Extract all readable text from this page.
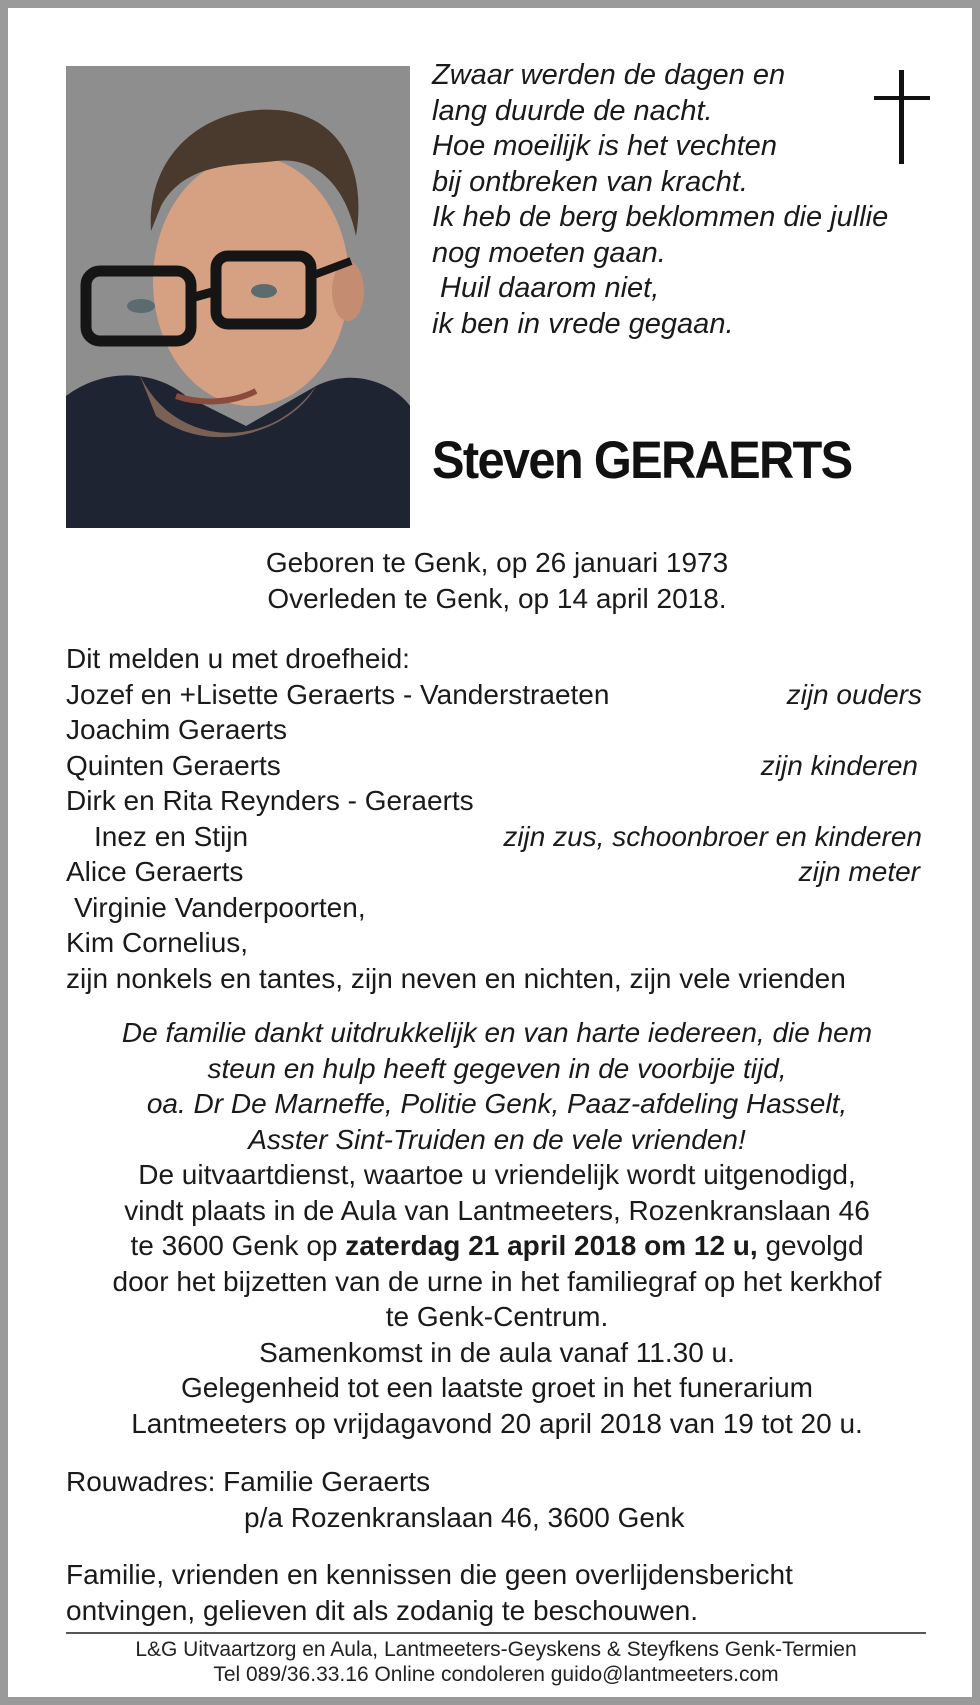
Zwaar werden de dagen en
lang duurde de nacht.
Hoe moeilijk is het vechten
bij ontbreken van kracht.
Ik heb de berg beklommen die jullie
nog moeten gaan.
Huil daarom niet,
ik ben in vrede gegaan.
Steven GERAERTS
Geboren te Genk, op 26 januari 1973
Overleden te Genk, op 14 april 2018.
Dit melden u met droefheid:
Jozef en +Lisette Geraerts - Vanderstraeten	zijn ouders
Joachim Geraerts
Quinten Geraerts	zijn kinderen
Dirk en Rita Reynders - Geraerts
Inez en Stijn	zijn zus, schoonbroer en kinderen
Alice Geraerts	zijn meter
Virginie Vanderpoorten,
Kim Cornelius,
zijn nonkels en tantes, zijn neven en nichten, zijn vele vrienden
De familie dankt uitdrukkelijk en van harte iedereen, die hem
steun en hulp heeft gegeven in de voorbije tijd,
oa. Dr De Marneffe, Politie Genk, Paaz-afdeling Hasselt,
Asster Sint-Truiden en de vele vrienden!
De uitvaartdienst, waartoe u vriendelijk wordt uitgenodigd,
vindt plaats in de Aula van Lantmeeters, Rozenkranslaan 46
te 3600 Genk op zaterdag 21 april 2018 om 12 u, gevolgd
door het bijzetten van de urne in het familiegraf op het kerkhof
te Genk-Centrum.
Samenkomst in de aula vanaf 11.30 u.
Gelegenheid tot een laatste groet in het funerarium
Lantmeeters op vrijdagavond 20 april 2018 van 19 tot 20 u.
Rouwadres: Familie Geraerts
p/a Rozenkranslaan 46, 3600 Genk
Familie, vrienden en kennissen die geen overlijdensbericht
ontvingen, gelieven dit als zodanig te beschouwen.
L&G Uitvaartzorg en Aula, Lantmeeters-Geyskens & Steyfkens Genk-Termien
Tel 089/36.33.16 Online condoleren guido@lantmeeters.com
